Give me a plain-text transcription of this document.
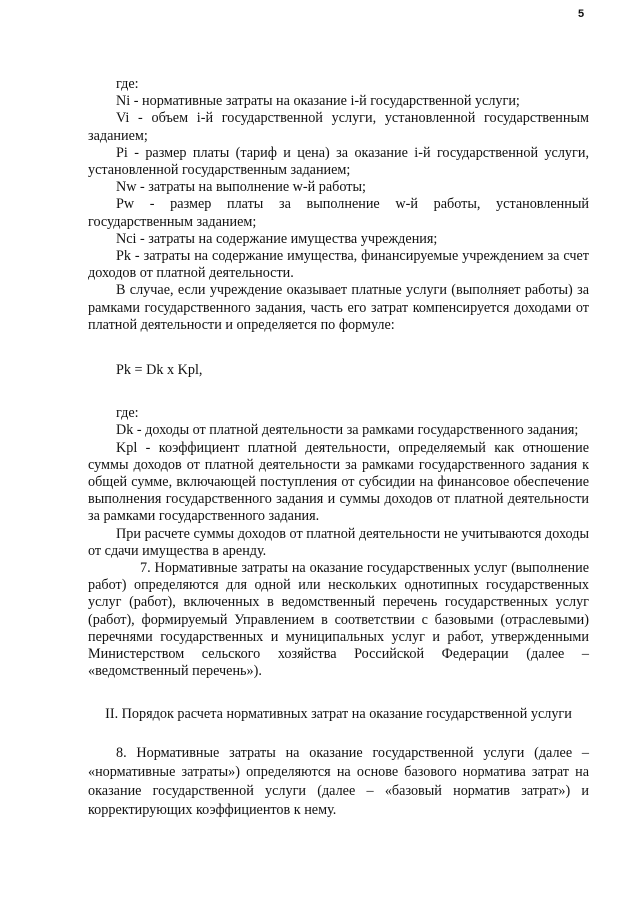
5

где:

Ni - нормативные затраты на оказание i-й государственной услуги;

Vi - объем i-й государственной услуги, установленной государственным заданием;

Pi - размер платы (тариф и цена) за оказание i-й государственной услуги, установленной государственным заданием;

Nw - затраты на выполнение w-й работы;

Pw - размер платы за выполнение w-й работы, установленный государственным заданием;

Nci - затраты на содержание имущества учреждения;

Pk - затраты на содержание имущества, финансируемые учреждением за счет доходов от платной деятельности.

В случае, если учреждение оказывает платные услуги (выполняет работы) за рамками государственного задания, часть его затрат компенсируется доходами от платной деятельности и определяется по формуле:

Pk = Dk x Kpl,

где:

Dk - доходы от платной деятельности за рамками государственного задания;

Kpl - коэффициент платной деятельности, определяемый как отношение суммы доходов от платной деятельности за рамками государственного задания к общей сумме, включающей поступления от субсидии на финансовое обеспечение выполнения государственного задания и суммы доходов от платной деятельности за рамками государственного задания.

При расчете суммы доходов от платной деятельности не учитываются доходы от сдачи имущества в аренду.

7. Нормативные затраты на оказание государственных услуг (выполнение работ) определяются для одной или нескольких однотипных государственных услуг (работ), включенных в ведомственный перечень государственных услуг (работ), формируемый Управлением в соответствии с базовыми (отраслевыми) перечнями государственных и муниципальных услуг и работ, утвержденными Министерством сельского хозяйства Российской Федерации (далее – «ведомственный перечень»).

II. Порядок расчета нормативных затрат на оказание государственной услуги

8. Нормативные затраты на оказание государственной услуги (далее – «нормативные затраты») определяются на основе базового норматива затрат на оказание государственной услуги (далее – «базовый норматив затрат») и корректирующих коэффициентов к нему.
